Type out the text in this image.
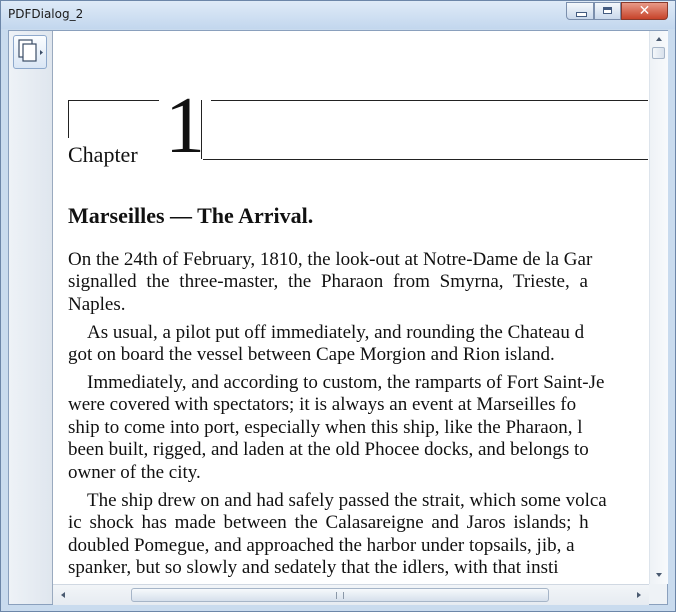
PDFDialog_2	✕
Chapter 1
Marseilles — The Arrival.
On the 24th of February, 1810, the look-out at Notre-Dame de la Gar
signalled the three-master, the Pharaon from Smyrna, Trieste, a
Naples.
As usual, a pilot put off immediately, and rounding the Chateau d
got on board the vessel between Cape Morgion and Rion island.
Immediately, and according to custom, the ramparts of Fort Saint-Je
were covered with spectators; it is always an event at Marseilles fo
ship to come into port, especially when this ship, like the Pharaon, l
been built, rigged, and laden at the old Phocee docks, and belongs to
owner of the city.
The ship drew on and had safely passed the strait, which some volca
ic shock has made between the Calasareigne and Jaros islands; h
doubled Pomegue, and approached the harbor under topsails, jib, a
spanker, but so slowly and sedately that the idlers, with that insti
